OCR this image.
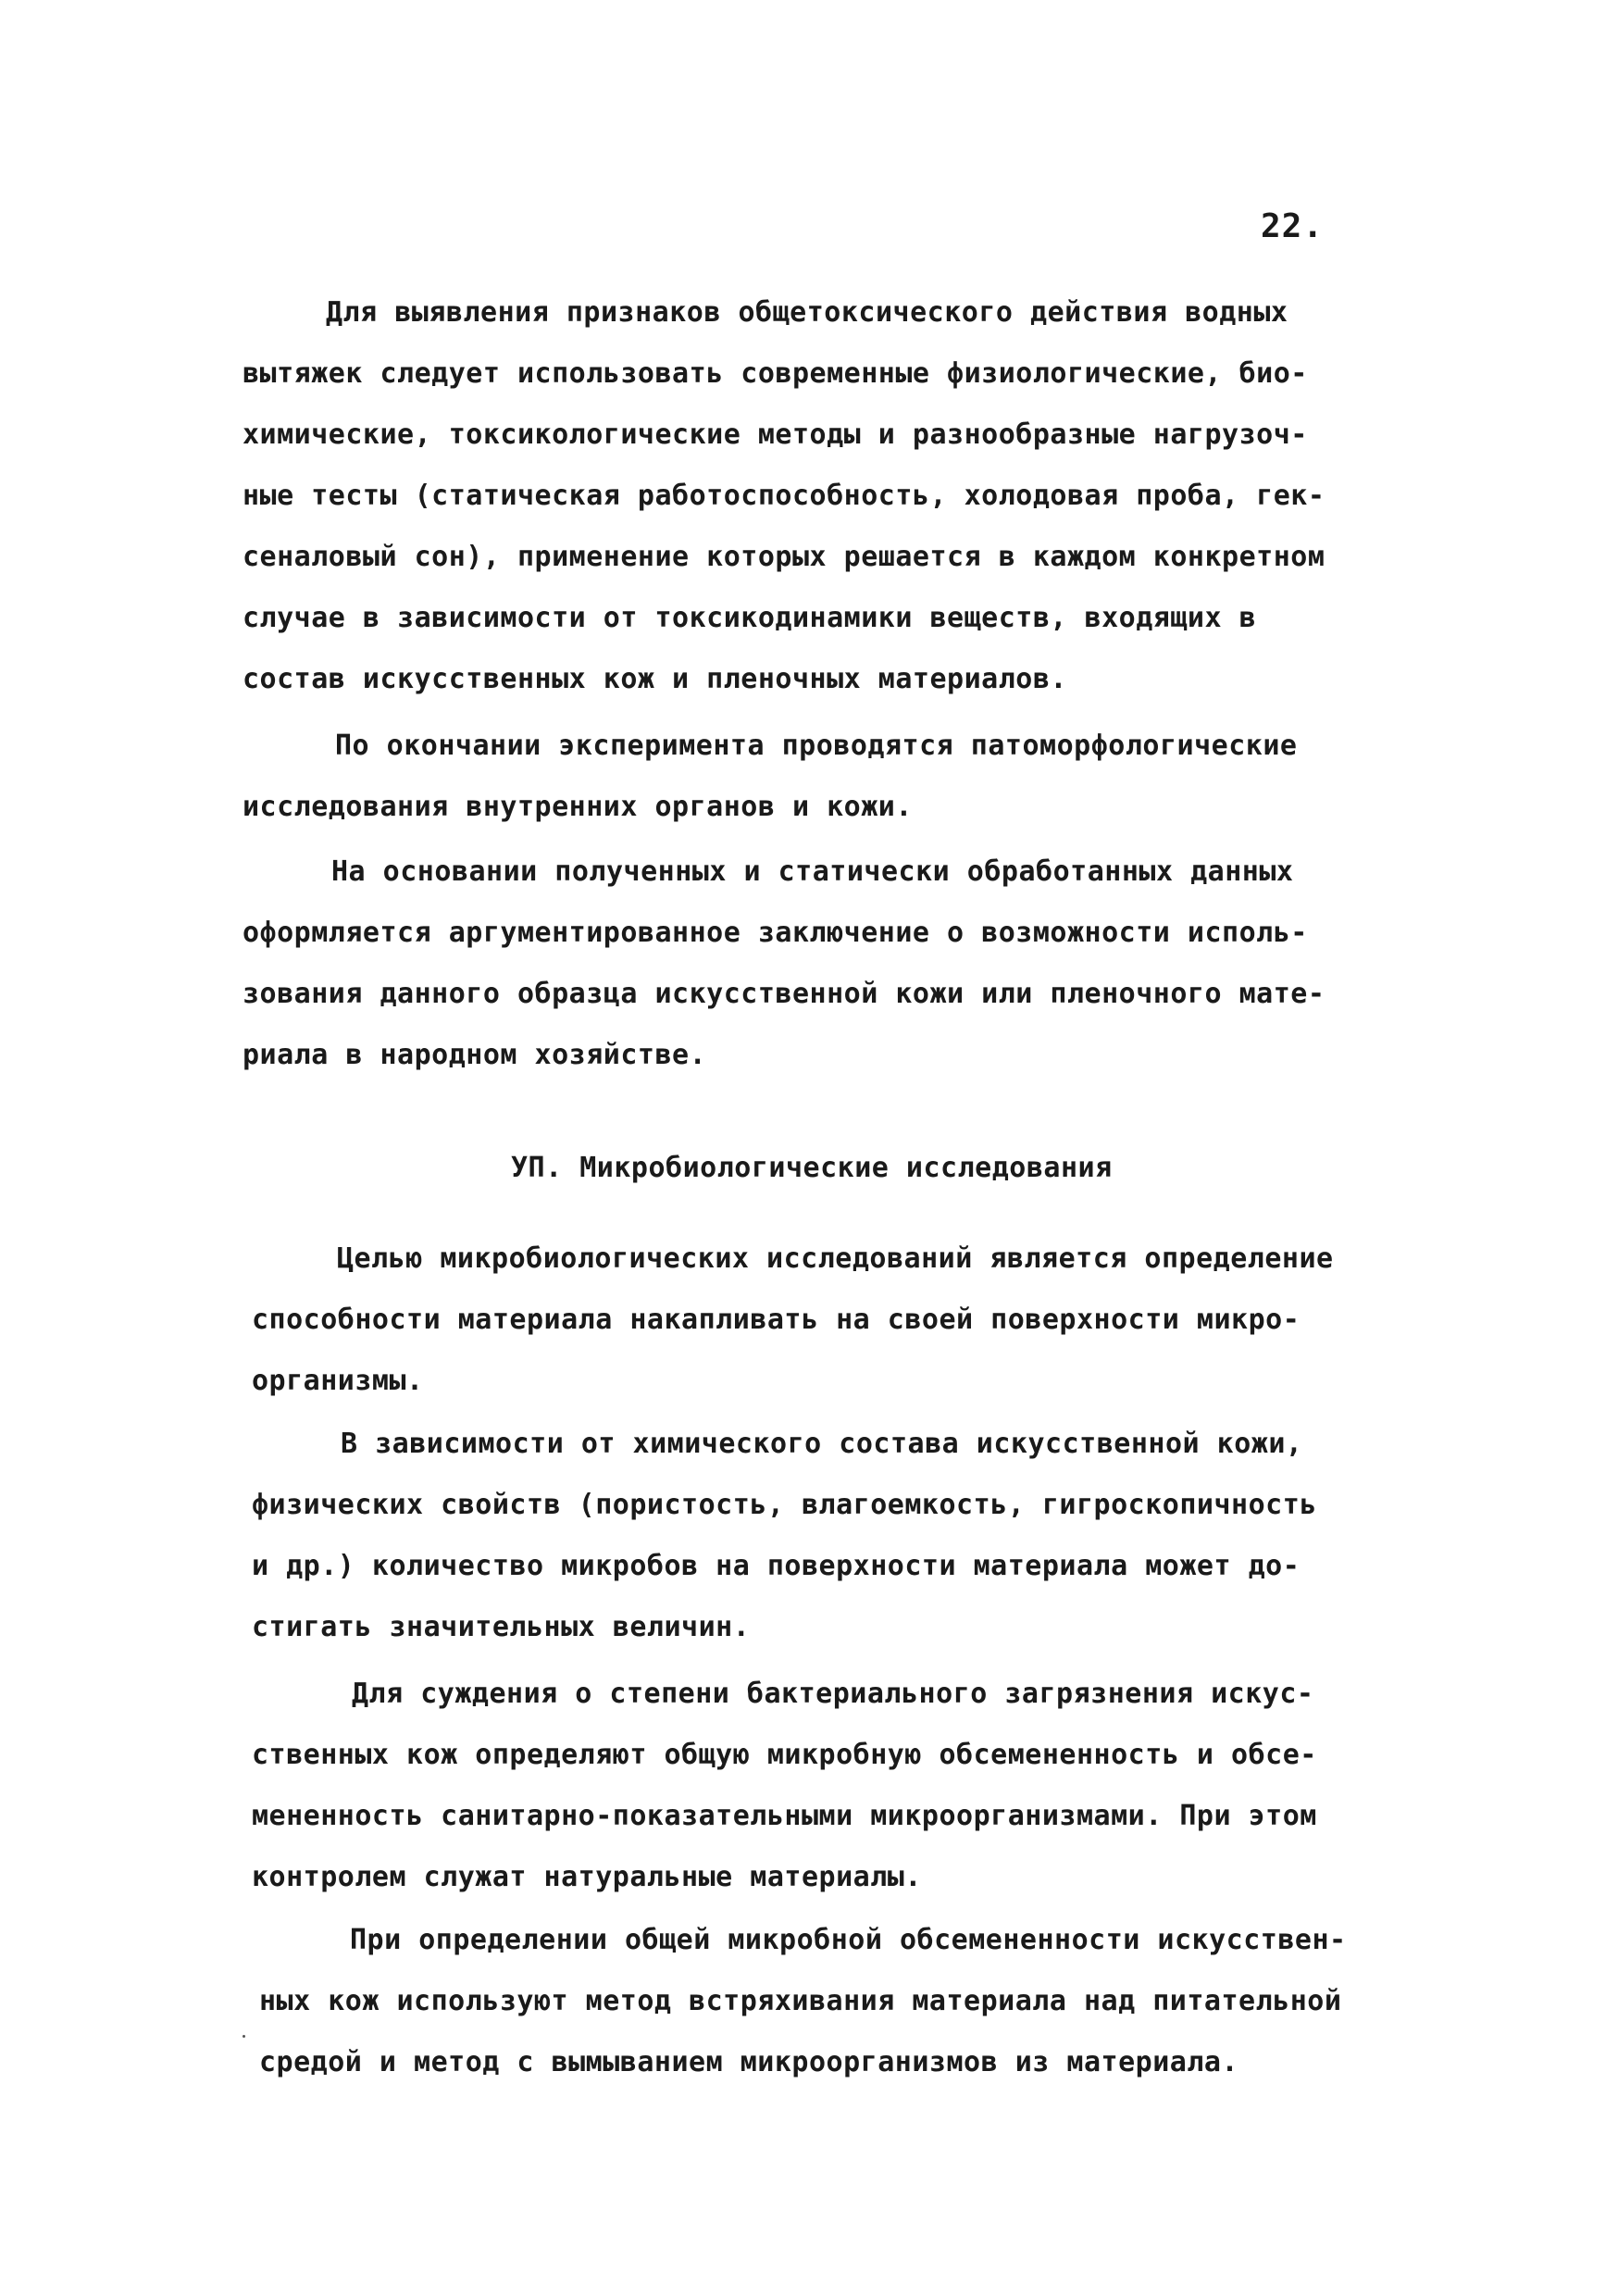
22.
Для выявления признаков общетоксического действия водных
вытяжек следует использовать современные физиологические, био-
химические, токсикологические методы и разнообразные нагрузоч-
ные тесты (статическая работоспособность, холодовая проба, гек-
сеналовый сон), применение которых решается в каждом конкретном
случае в зависимости от токсикодинамики веществ, входящих в
состав искусственных кож и пленочных материалов.
По окончании эксперимента проводятся патоморфологические
исследования внутренних органов и кожи.
На основании полученных и статически обработанных данных
оформляется аргументированное заключение о возможности исполь-
зования данного образца искусственной кожи или пленочного мате-
риала в народном хозяйстве.
УП. Микробиологические исследования
Целью микробиологических исследований является определение
способности материала накапливать на своей поверхности микро-
организмы.
В зависимости от химического состава искусственной кожи,
физических свойств (пористость, влагоемкость, гигроскопичность
и др.) количество микробов на поверхности материала может до-
стигать значительных величин.
Для суждения о степени бактериального загрязнения искус-
ственных кож определяют общую микробную обсемененность и обсе-
мененность санитарно-показательными микроорганизмами. При этом
контролем служат натуральные материалы.
При определении общей микробной обсемененности искусствен-
ных кож используют метод встряхивания материала над питательной
средой и метод с вымыванием микроорганизмов из материала.
